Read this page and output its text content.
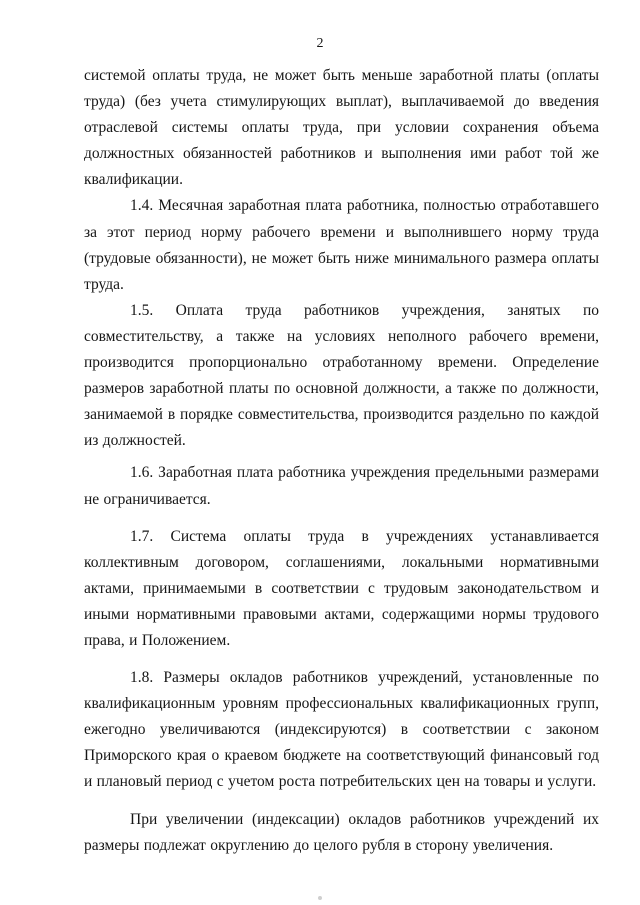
2

системой оплаты труда, не может быть меньше заработной платы (оплаты труда) (без учета стимулирующих выплат), выплачиваемой до введения отраслевой системы оплаты труда, при условии сохранения объема должностных обязанностей работников и выполнения ими работ той же квалификации.

1.4. Месячная заработная плата работника, полностью отработавшего за этот период норму рабочего времени и выполнившего норму труда (трудовые обязанности), не может быть ниже минимального размера оплаты труда.

1.5. Оплата труда работников учреждения, занятых по совместительству, а также на условиях неполного рабочего времени, производится пропорционально отработанному времени. Определение размеров заработной платы по основной должности, а также по должности, занимаемой в порядке совместительства, производится раздельно по каждой из должностей.

1.6. Заработная плата работника учреждения предельными размерами не ограничивается.

1.7. Система оплаты труда в учреждениях устанавливается коллективным договором, соглашениями, локальными нормативными актами, принимаемыми в соответствии с трудовым законодательством и иными нормативными правовыми актами, содержащими нормы трудового права, и Положением.

1.8. Размеры окладов работников учреждений, установленные по квалификационным уровням профессиональных квалификационных групп, ежегодно увеличиваются (индексируются) в соответствии с законом Приморского края о краевом бюджете на соответствующий финансовый год и плановый период с учетом роста потребительских цен на товары и услуги.

При увеличении (индексации) окладов работников учреждений их размеры подлежат округлению до целого рубля в сторону увеличения.
